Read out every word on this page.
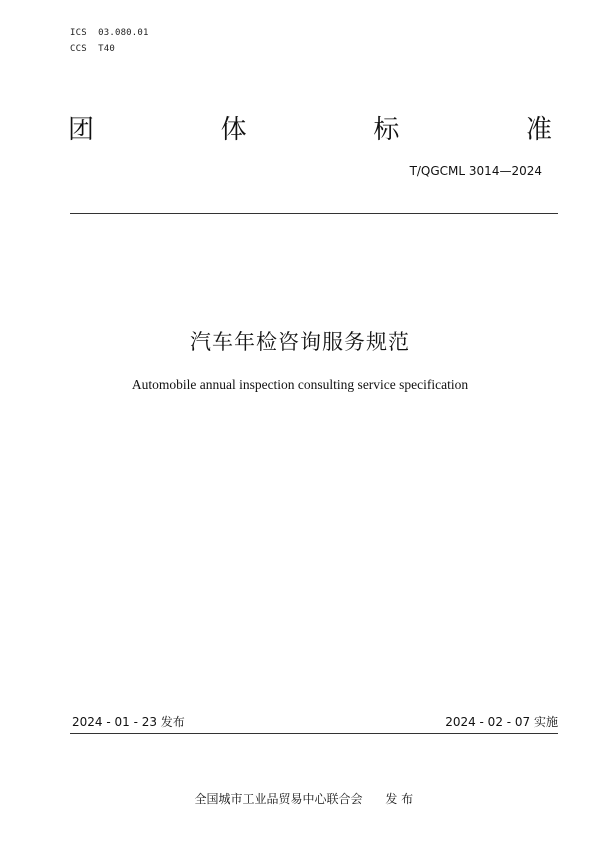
ICS  03.080.01
CCS  T40
团	体	标	准
T/QGCML 3014—2024
汽车年检咨询服务规范
Automobile annual inspection consulting service specification
2024 - 01 - 23 发布	2024 - 02 - 07 实施

全国城市工业品贸易中心联合会 发 布
